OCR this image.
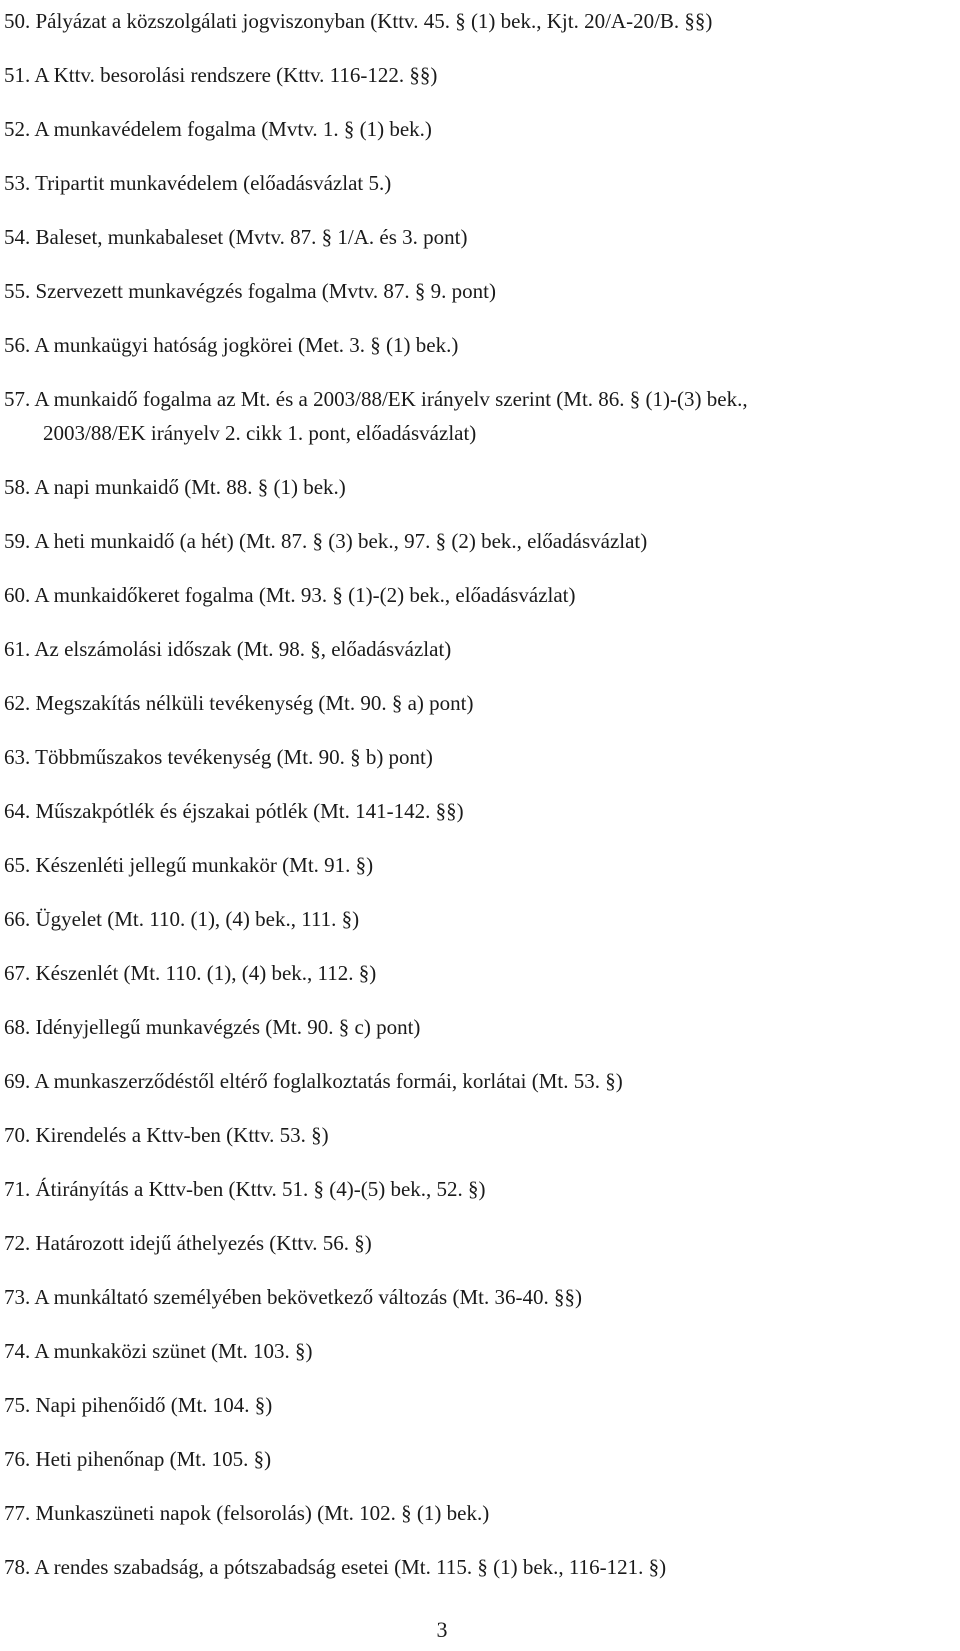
50. Pályázat a közszolgálati jogviszonyban (Kttv. 45. § (1) bek., Kjt. 20/A-20/B. §§)
51. A Kttv. besorolási rendszere (Kttv. 116-122. §§)
52. A munkavédelem fogalma (Mvtv. 1. § (1) bek.)
53. Tripartit munkavédelem (előadásvázlat 5.)
54. Baleset, munkabaleset (Mvtv. 87. § 1/A. és 3. pont)
55. Szervezett munkavégzés fogalma (Mvtv. 87. § 9. pont)
56. A munkaügyi hatóság jogkörei (Met. 3. § (1) bek.)
57. A munkaidő fogalma az Mt. és a 2003/88/EK irányelv szerint (Mt. 86. § (1)-(3) bek.,
2003/88/EK irányelv 2. cikk 1. pont, előadásvázlat)
58. A napi munkaidő (Mt. 88. § (1) bek.)
59. A heti munkaidő (a hét) (Mt. 87. § (3) bek., 97. § (2) bek., előadásvázlat)
60. A munkaidőkeret fogalma (Mt. 93. § (1)-(2) bek., előadásvázlat)
61. Az elszámolási időszak (Mt. 98. §, előadásvázlat)
62. Megszakítás nélküli tevékenység (Mt. 90. § a) pont)
63. Többműszakos tevékenység (Mt. 90. § b) pont)
64. Műszakpótlék és éjszakai pótlék (Mt. 141-142. §§)
65. Készenléti jellegű munkakör (Mt. 91. §)
66. Ügyelet (Mt. 110. (1), (4) bek., 111. §)
67. Készenlét (Mt. 110. (1), (4) bek., 112. §)
68. Idényjellegű munkavégzés (Mt. 90. § c) pont)
69. A munkaszerződéstől eltérő foglalkoztatás formái, korlátai (Mt. 53. §)
70. Kirendelés a Kttv-ben (Kttv. 53. §)
71. Átirányítás a Kttv-ben (Kttv. 51. § (4)-(5) bek., 52. §)
72. Határozott idejű áthelyezés (Kttv. 56. §)
73. A munkáltató személyében bekövetkező változás (Mt. 36-40. §§)
74. A munkaközi szünet (Mt. 103. §)
75. Napi pihenőidő (Mt. 104. §)
76. Heti pihenőnap (Mt. 105. §)
77. Munkaszüneti napok (felsorolás) (Mt. 102. § (1) bek.)
78. A rendes szabadság, a pótszabadság esetei (Mt. 115. § (1) bek., 116-121. §)
3
